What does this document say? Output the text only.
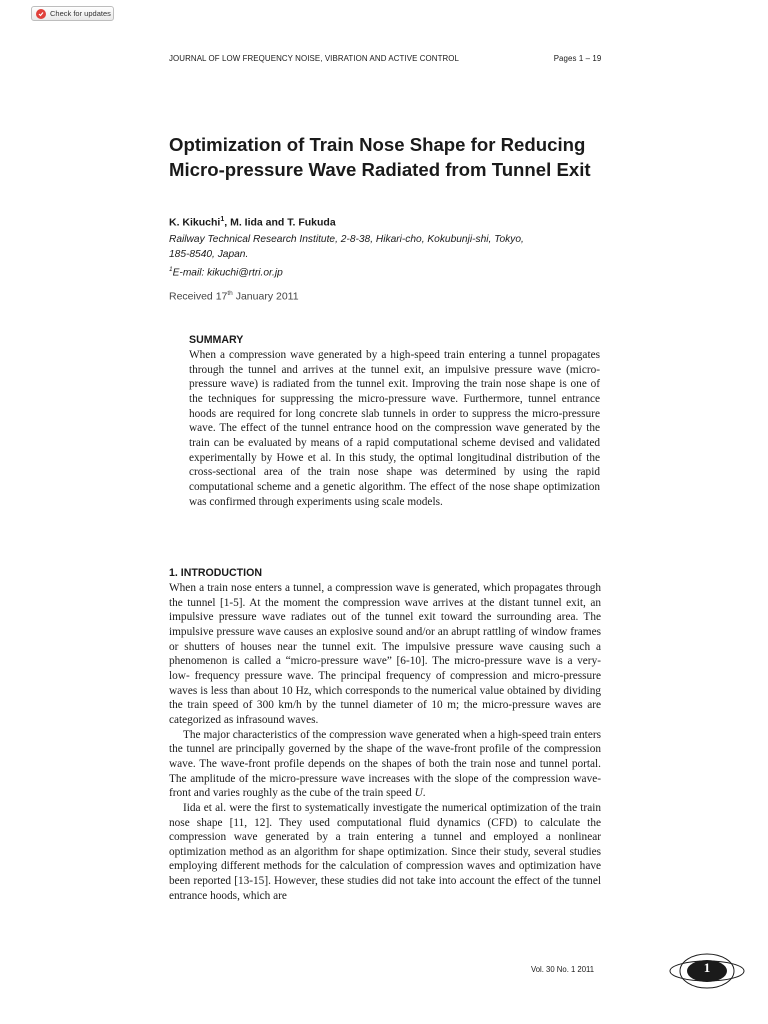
Check for updates
JOURNAL OF LOW FREQUENCY NOISE, VIBRATION AND ACTIVE CONTROL	Pages 1 – 19
Optimization of Train Nose Shape for Reducing Micro-pressure Wave Radiated from Tunnel Exit

K. Kikuchi$^1$, M. Iida and T. Fukuda

Railway Technical Research Institute, 2-8-38, Hikari-cho, Kokubunji-shi, Tokyo,
185-8540, Japan.
$^1$E-mail: kikuchi@rtri.or.jp

Received 17th January 2011

SUMMARY

When a compression wave generated by a high-speed train entering a tunnel propagates through the tunnel and arrives at the tunnel exit, an impulsive pressure wave (micro-pressure wave) is radiated from the tunnel exit. Improving the train nose shape is one of the techniques for suppressing the micro-pressure wave. Furthermore, tunnel entrance hoods are required for long concrete slab tunnels in order to suppress the micro-pressure wave. The effect of the tunnel entrance hood on the compression wave generated by the train can be evaluated by means of a rapid computational scheme devised and validated experimentally by Howe et al. In this study, the optimal longitudinal distribution of the cross-sectional area of the train nose shape was determined by using the rapid computational scheme and a genetic algorithm. The effect of the nose shape optimization was confirmed through experiments using scale models.

1. INTRODUCTION

When a train nose enters a tunnel, a compression wave is generated, which propagates through the tunnel [1-5]. At the moment the compression wave arrives at the distant tunnel exit, an impulsive pressure wave radiates out of the tunnel exit toward the surrounding area. The impulsive pressure wave causes an explosive sound and/or an abrupt rattling of window frames or shutters of houses near the tunnel exit. The impulsive pressure wave causing such a phenomenon is called a “micro-pressure wave” [6-10]. The micro-pressure wave is a very- low- frequency pressure wave. The principal frequency of compression and micro-pressure waves is less than about 10 Hz, which corresponds to the numerical value obtained by dividing the train speed of 300 km/h by the tunnel diameter of 10 m; the micro-pressure waves are categorized as infrasound waves.

The major characteristics of the compression wave generated when a high-speed train enters the tunnel are principally governed by the shape of the wave-front profile of the compression wave. The wave-front profile depends on the shapes of both the train nose and tunnel portal. The amplitude of the micro-pressure wave increases with the slope of the compression wave-front and varies roughly as the cube of the train speed U.

Iida et al. were the first to systematically investigate the numerical optimization of the train nose shape [11, 12]. They used computational fluid dynamics (CFD) to calculate the compression wave generated by a train entering a tunnel and employed a nonlinear optimization method as an algorithm for shape optimization. Since their study, several studies employing different methods for the calculation of compression waves and optimization have been reported [13-15]. However, these studies did not take into account the effect of the tunnel entrance hoods, which are

Vol. 30 No. 1 2011	1
